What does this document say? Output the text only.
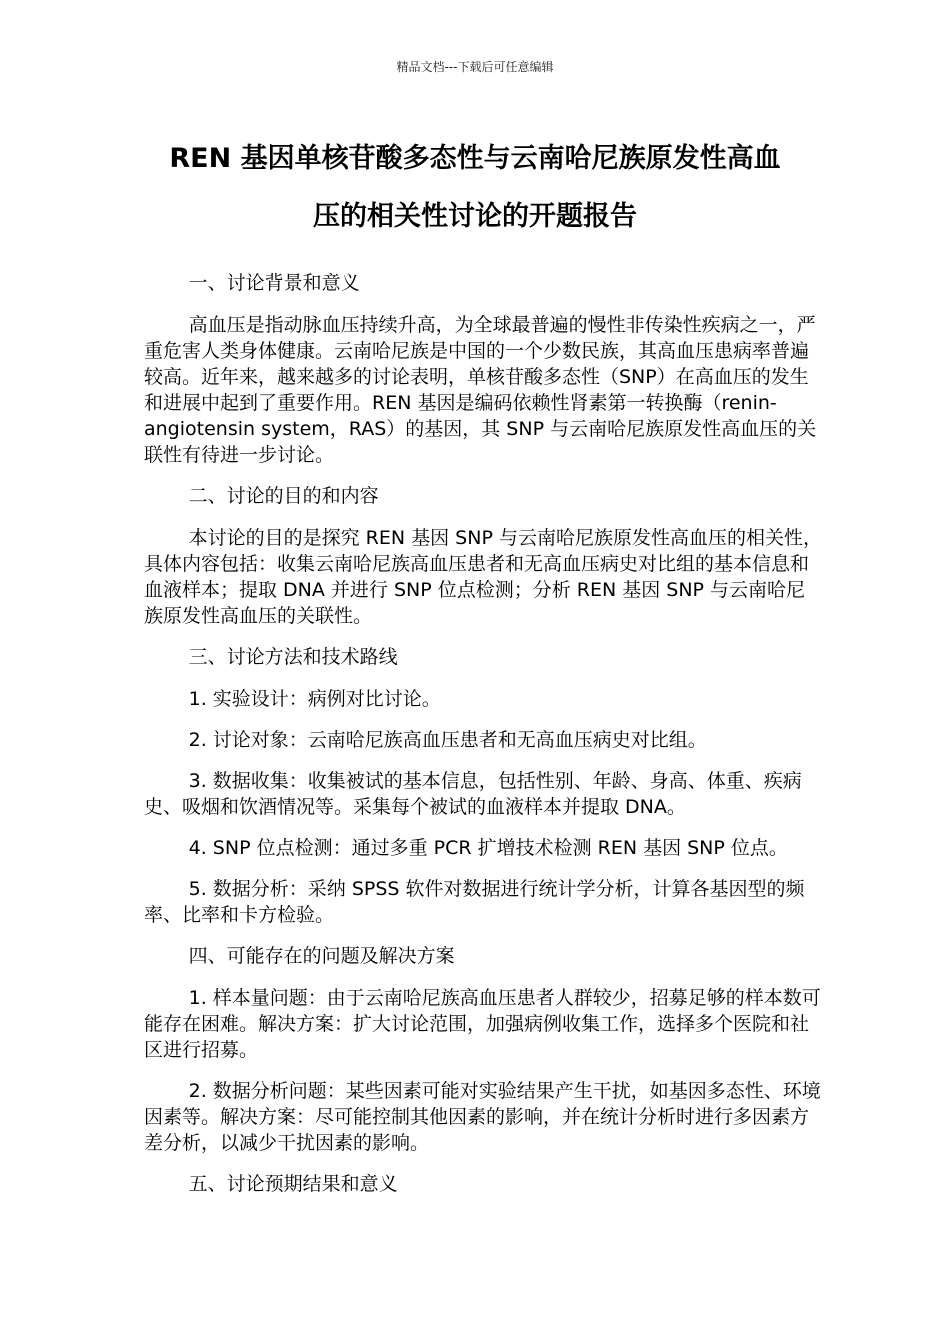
精品文档---下载后可任意编辑
REN 基因单核苷酸多态性与云南哈尼族原发性高血
压的相关性讨论的开题报告

一、讨论背景和意义

高血压是指动脉血压持续升高，为全球最普遍的慢性非传染性疾病之一，严重危害人类身体健康。云南哈尼族是中国的一个少数民族，其高血压患病率普遍较高。近年来，越来越多的讨论表明，单核苷酸多态性（SNP）在高血压的发生和进展中起到了重要作用。REN 基因是编码依赖性肾素第一转换酶（renin-angiotensin system，RAS）的基因，其 SNP 与云南哈尼族原发性高血压的关联性有待进一步讨论。

二、讨论的目的和内容

本讨论的目的是探究 REN 基因 SNP 与云南哈尼族原发性高血压的相关性，具体内容包括：收集云南哈尼族高血压患者和无高血压病史对比组的基本信息和血液样本；提取 DNA 并进行 SNP 位点检测；分析 REN 基因 SNP 与云南哈尼族原发性高血压的关联性。

三、讨论方法和技术路线

1. 实验设计：病例对比讨论。

2. 讨论对象：云南哈尼族高血压患者和无高血压病史对比组。

3. 数据收集：收集被试的基本信息，包括性别、年龄、身高、体重、疾病史、吸烟和饮酒情况等。采集每个被试的血液样本并提取 DNA。

4. SNP 位点检测：通过多重 PCR 扩增技术检测 REN 基因 SNP 位点。

5. 数据分析：采纳 SPSS 软件对数据进行统计学分析，计算各基因型的频率、比率和卡方检验。

四、可能存在的问题及解决方案

1. 样本量问题：由于云南哈尼族高血压患者人群较少，招募足够的样本数可能存在困难。解决方案：扩大讨论范围，加强病例收集工作，选择多个医院和社区进行招募。

2. 数据分析问题：某些因素可能对实验结果产生干扰，如基因多态性、环境因素等。解决方案：尽可能控制其他因素的影响，并在统计分析时进行多因素方差分析，以减少干扰因素的影响。

五、讨论预期结果和意义
